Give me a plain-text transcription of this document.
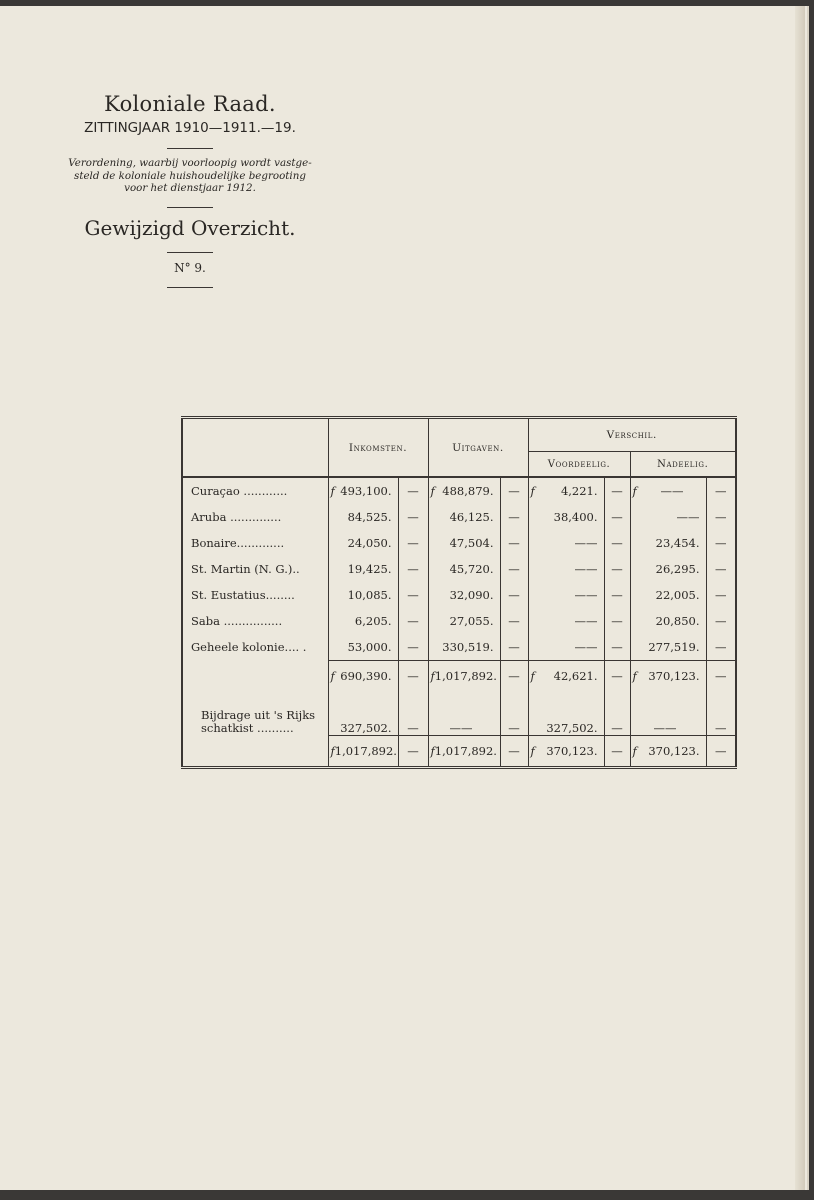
Koloniale Raad.
ZITTINGJAAR 1910—1911.—19.
Verordening, waarbij voorloopig wordt vastge-
steld de koloniale huishoudelijke begrooting
voor het dienstjaar 1912.
Gewijzigd Overzicht.
N° 9.
	Inkomsten.		Uitgaven.		Verschil.			
					Voordeelig.		Nadeelig.	
Curaçao ............	f 493,100.	—	f 488,879.	—	f 4,221.	—	f ——	—
Aruba ..............	84,525.	—	46,125.	—	38,400.	—	——	—
Bonaire.............	24,050.	—	47,504.	—	——	—	23,454.	—
St. Martin (N. G.)..	19,425.	—	45,720.	—	——	—	26,295.	—
St. Eustatius........	10,085.	—	32,090.	—	——	—	22,005.	—
Saba ................	6,205.	—	27,055.	—	——	—	20,850.	—
Geheele kolonie.... .	53,000.	—	330,519.	—	——	—	277,519.	—

	f 690,390.	—	f 1,017,892.	—	f 42,621.	—	f 370,123.	—

Bijdrage uit 's Rijks
schatkist ..........	327,502.	—	——	—	327,502.	—	——	—

	f 1,017,892.	—	f 1,017,892.	—	f 370,123.	—	f 370,123.	—
